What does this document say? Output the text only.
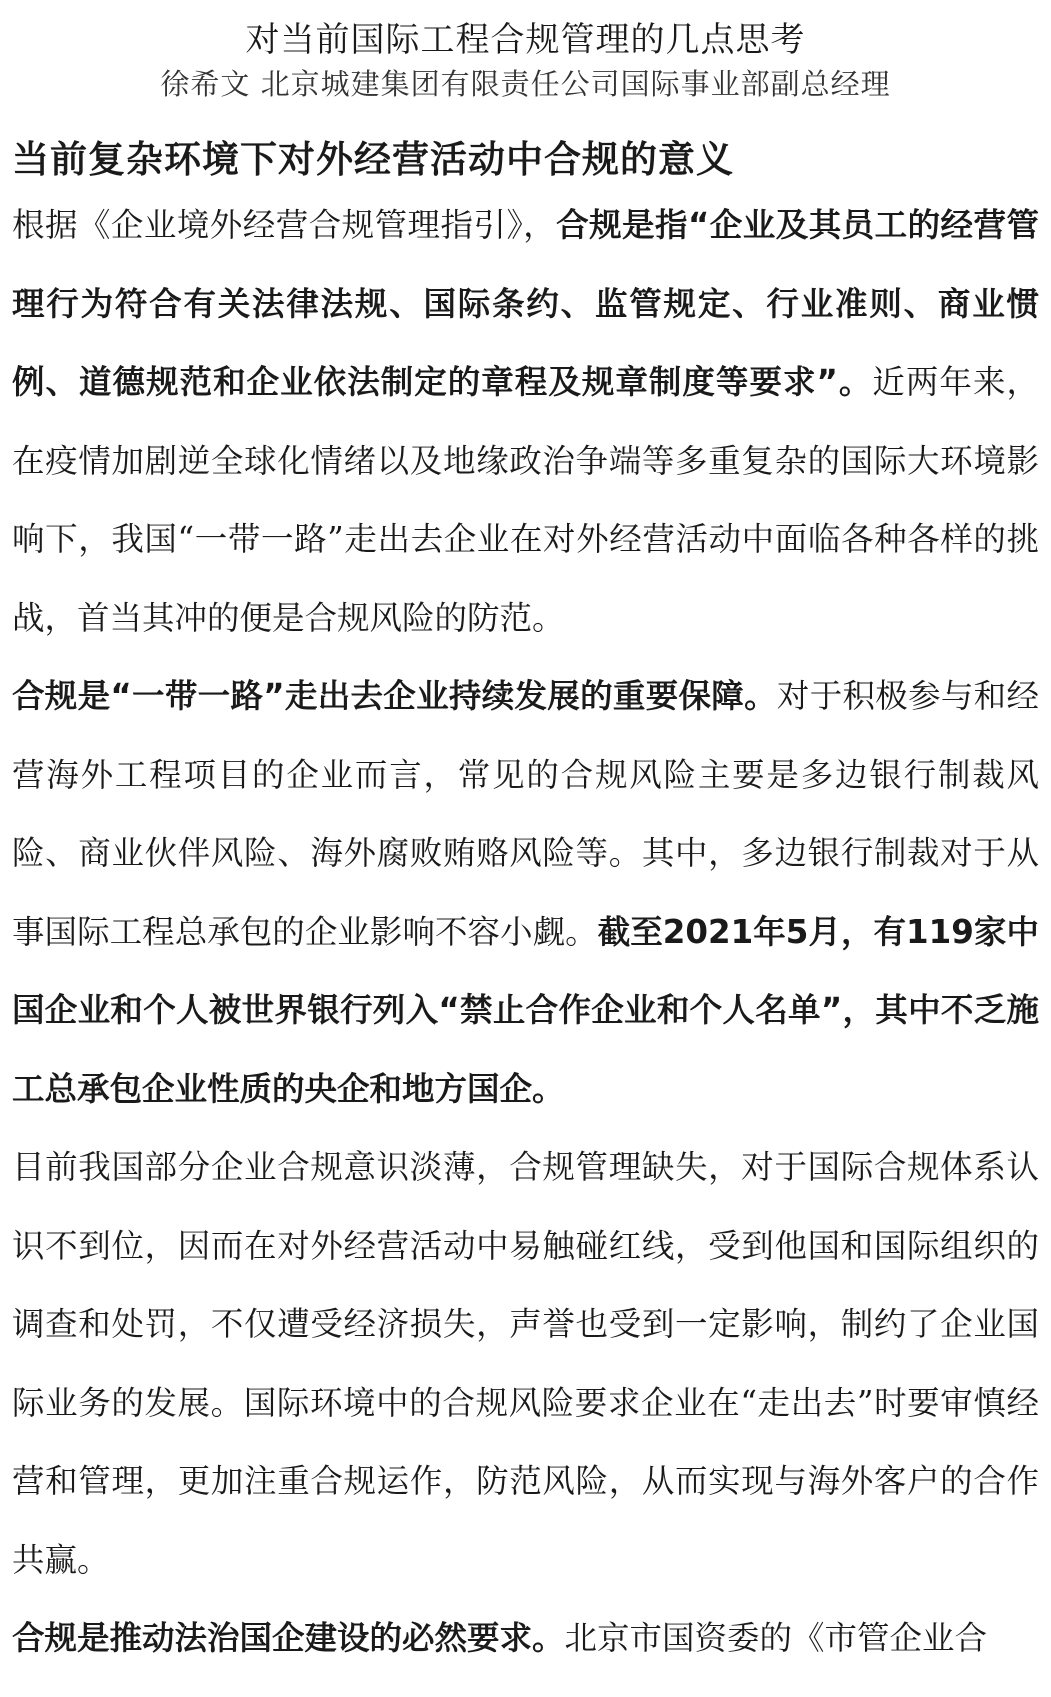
对当前国际工程合规管理的几点思考
徐希文 北京城建集团有限责任公司国际事业部副总经理
当前复杂环境下对外经营活动中合规的意义

根据《企业境外经营合规管理指引》，合规是指“企业及其员工的经营管理行为符合有关法律法规、国际条约、监管规定、行业准则、商业惯例、道德规范和企业依法制定的章程及规章制度等要求”。近两年来，在疫情加剧逆全球化情绪以及地缘政治争端等多重复杂的国际大环境影响下，我国“一带一路”走出去企业在对外经营活动中面临各种各样的挑战，首当其冲的便是合规风险的防范。

合规是“一带一路”走出去企业持续发展的重要保障。对于积极参与和经营海外工程项目的企业而言，常见的合规风险主要是多边银行制裁风险、商业伙伴风险、海外腐败贿赂风险等。其中，多边银行制裁对于从事国际工程总承包的企业影响不容小觑。截至2021年5月，有119家中国企业和个人被世界银行列入“禁止合作企业和个人名单”，其中不乏施工总承包企业性质的央企和地方国企。

目前我国部分企业合规意识淡薄，合规管理缺失，对于国际合规体系认识不到位，因而在对外经营活动中易触碰红线，受到他国和国际组织的调查和处罚，不仅遭受经济损失，声誉也受到一定影响，制约了企业国际业务的发展。国际环境中的合规风险要求企业在“走出去”时要审慎经营和管理，更加注重合规运作，防范风险，从而实现与海外客户的合作共赢。

合规是推动法治国企建设的必然要求。北京市国资委的《市管企业合
